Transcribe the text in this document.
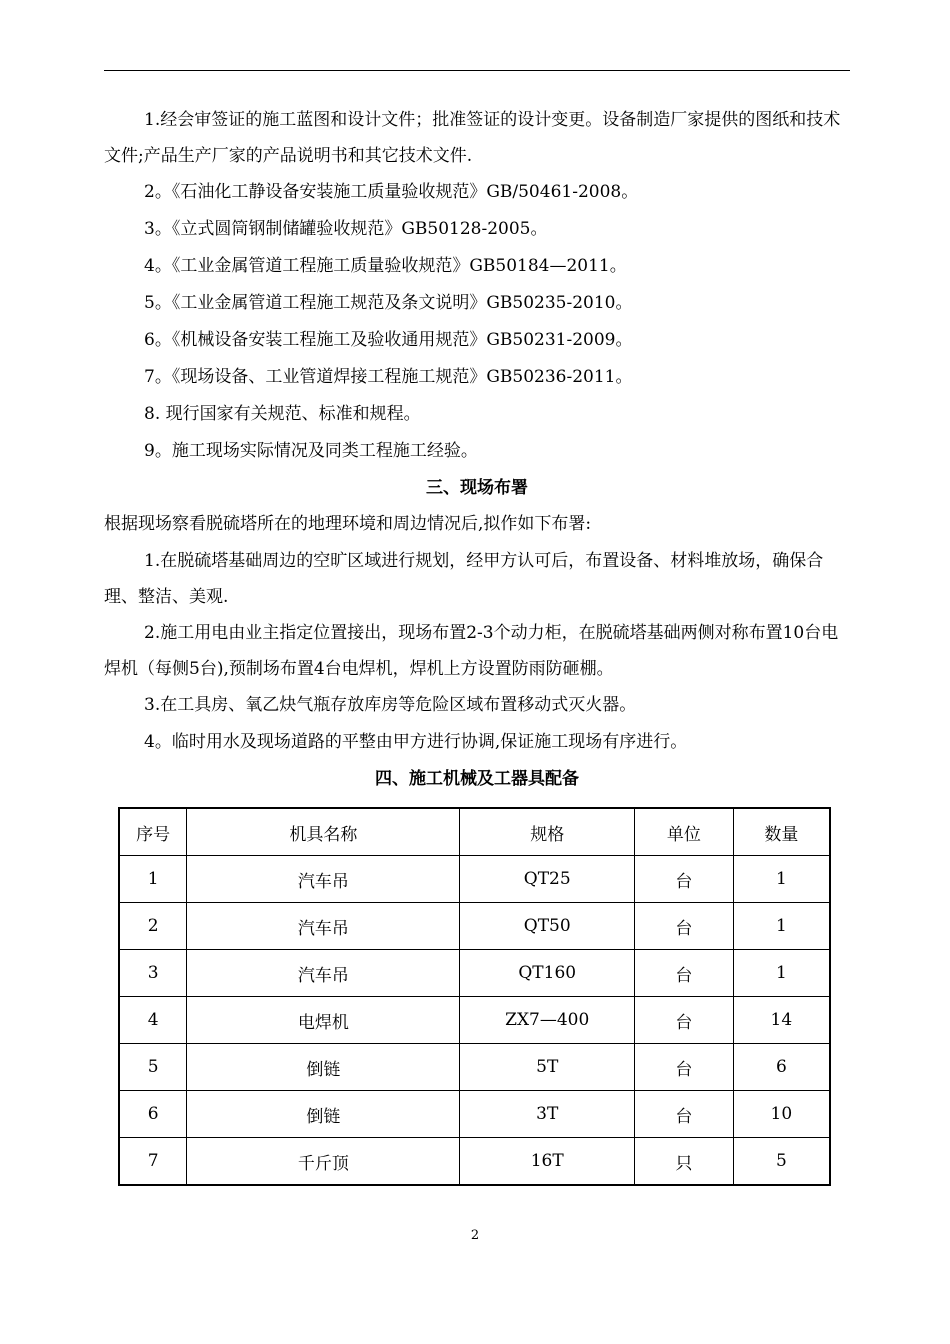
1.经会审签证的施工蓝图和设计文件；批准签证的设计变更。设备制造厂家提供的图纸和技术文件;产品生产厂家的产品说明书和其它技术文件.

2。《石油化工静设备安装施工质量验收规范》GB/50461-2008。

3。《立式圆筒钢制储罐验收规范》GB50128-2005。

4。《工业金属管道工程施工质量验收规范》GB50184—2011。

5。《工业金属管道工程施工规范及条文说明》GB50235-2010。

6。《机械设备安装工程施工及验收通用规范》GB50231-2009。

7。《现场设备、工业管道焊接工程施工规范》GB50236-2011。

8. 现行国家有关规范、标准和规程。

9。施工现场实际情况及同类工程施工经验。

三、现场布署

根据现场察看脱硫塔所在的地理环境和周边情况后,拟作如下布署:

1.在脱硫塔基础周边的空旷区域进行规划，经甲方认可后，布置设备、材料堆放场，确保合理、整洁、美观.

2.施工用电由业主指定位置接出，现场布置2-3个动力柜，在脱硫塔基础两侧对称布置10台电焊机（每侧5台),预制场布置4台电焊机，焊机上方设置防雨防砸棚。

3.在工具房、氧乙炔气瓶存放库房等危险区域布置移动式灭火器。

4。临时用水及现场道路的平整由甲方进行协调,保证施工现场有序进行。

四、施工机械及工器具配备

序号	机具名称	规格	单位	数量
1	汽车吊	QT25	台	1
2	汽车吊	QT50	台	1
3	汽车吊	QT160	台	1
4	电焊机	ZX7—400	台	14
5	倒链	5T	台	6
6	倒链	3T	台	10
7	千斤顶	16T	只	5
2
